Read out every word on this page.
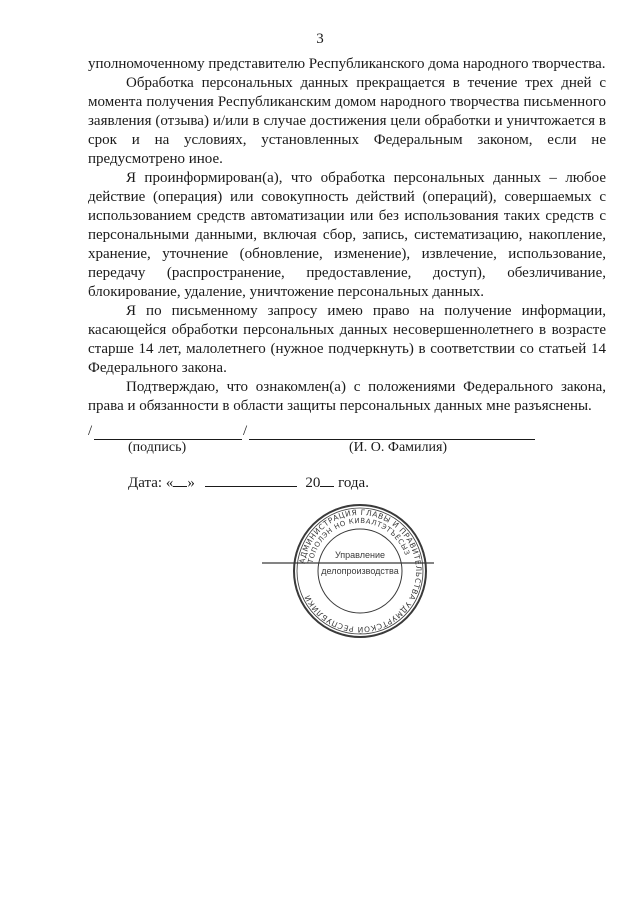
3

уполномоченному представителю Республиканского дома народного творчества.

Обработка персональных данных прекращается в течение трех дней с момента получения Республиканским домом народного творчества письменного заявления (отзыва) и/или в случае достижения цели обработки и уничтожается в срок и на условиях, установленных Федеральным законом, если не предусмотрено иное.

Я проинформирован(а), что обработка персональных данных – любое действие (операция) или совокупность действий (операций), совершаемых с использованием средств автоматизации или без использования таких средств с персональными данными, включая сбор, запись, систематизацию, накопление, хранение, уточнение (обновление, изменение), извлечение, использование, передачу (распространение, предоставление, доступ), обезличивание, блокирование, удаление, уничтожение персональных данных.

Я по письменному запросу имею право на получение информации, касающейся обработки персональных данных несовершеннолетнего в возрасте старше 14 лет, малолетнего (нужное подчеркнуть) в соответствии со статьей 14 Федерального закона.

Подтверждаю, что ознакомлен(а) с положениями Федерального закона, права и обязанности в области защиты персональных данных мне разъяснены.

/	/
(подпись)	(И. О. Фамилия)
Дата: « »	20 года.
АДМИНИСТРАЦИЯ ГЛАВЫ И ПРАВИТЕЛЬСТВА УДМУРТСКОЙ РЕСПУБЛИКИ
ТОПОЛЭН НО КИВАЛТЭТЪЁСЫЗ
Управление
делопроизводства
